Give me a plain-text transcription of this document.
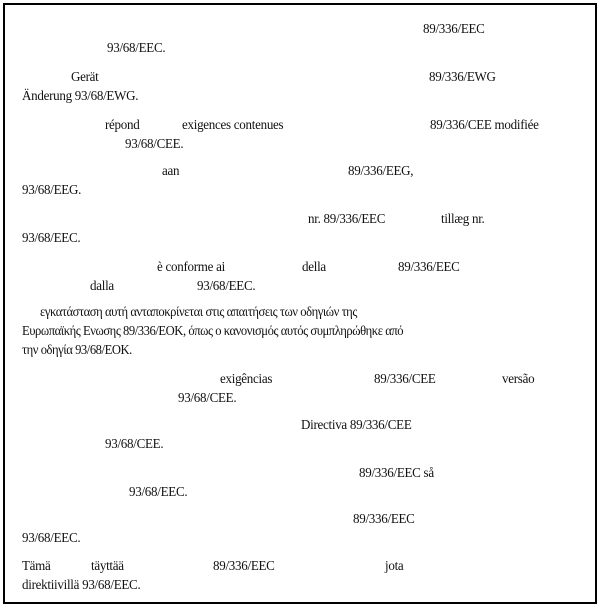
89/336/EEC
93/68/EEC.
Gerät	89/336/EWG
Änderung 93/68/EWG.
répond	exigences contenues	89/336/CEE modifiée
93/68/CEE.
aan	89/336/EEG,
93/68/EEG.
nr. 89/336/EEC	tillæg nr.
93/68/EEC.
è conforme ai	della	89/336/EEC
dalla	93/68/EEC.
εγκατάσταση αυτή ανταποκρίνεται στις απαιτήσεις των οδηγιών της
Ευρωπαϊκής Ενωσης 89/336/ΕΟΚ, όπως ο κανονισμός αυτός συμπληρώθηκε από
την οδηγία 93/68/ΕΟΚ.
exigências	89/336/CEE	versão
93/68/CEE.
Directiva 89/336/CEE
93/68/CEE.
89/336/EEC så
93/68/EEC.
89/336/EEC
93/68/EEC.
Tämä	täyttää	89/336/EEC	jota
direktiivillä 93/68/EEC.
